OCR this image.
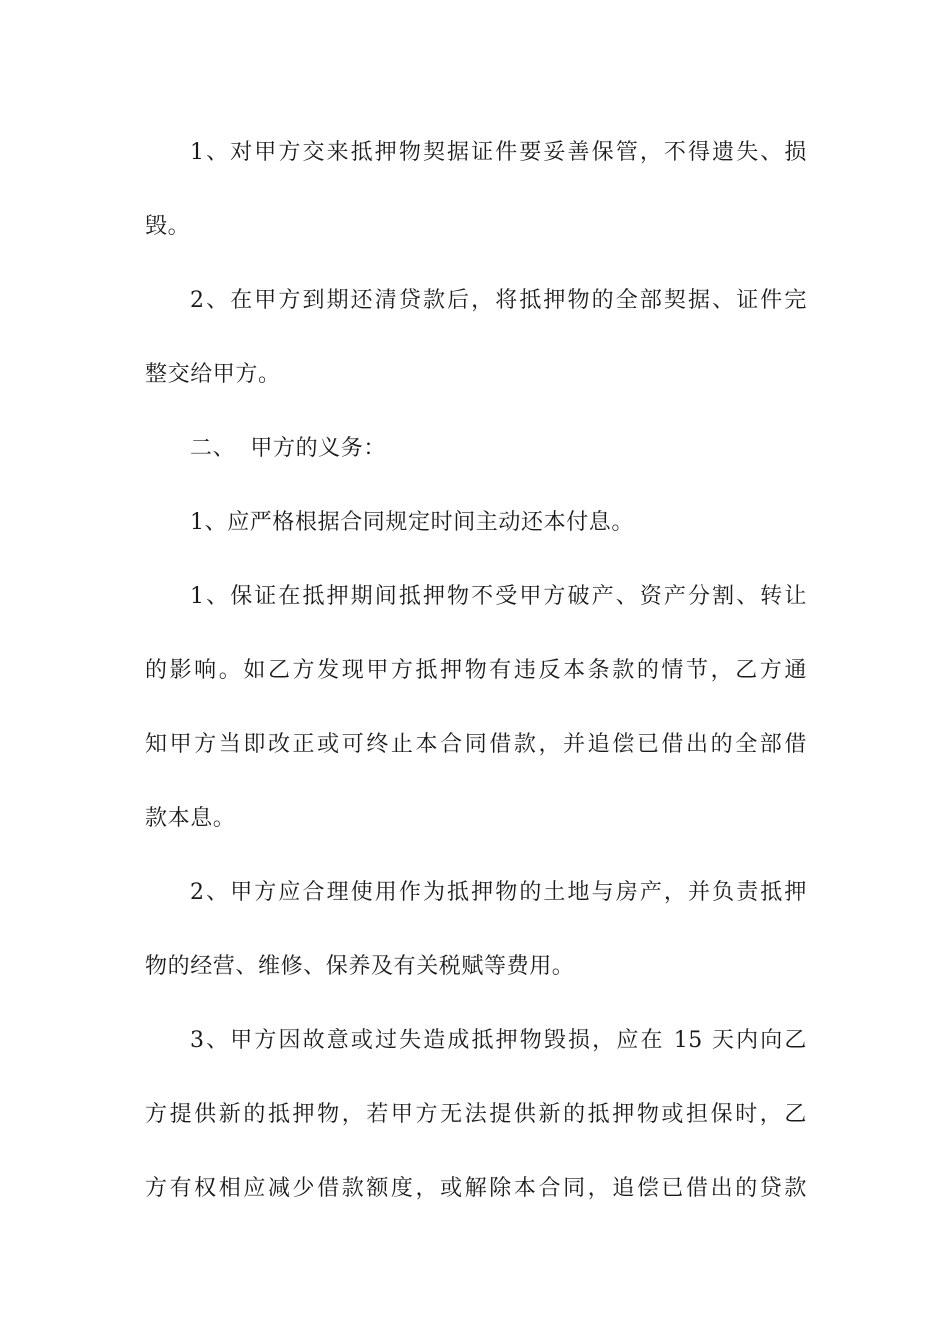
1、对甲方交来抵押物契据证件要妥善保管，不得遗失、损
毁。
2、在甲方到期还清贷款后，将抵押物的全部契据、证件完
整交给甲方。
二、  甲方的义务：
1、应严格根据合同规定时间主动还本付息。
1、保证在抵押期间抵押物不受甲方破产、资产分割、转让
的影响。如乙方发现甲方抵押物有违反本条款的情节，乙方通
知甲方当即改正或可终止本合同借款，并追偿已借出的全部借
款本息。
2、甲方应合理使用作为抵押物的土地与房产，并负责抵押
物的经营、维修、保养及有关税赋等费用。
3、甲方因故意或过失造成抵押物毁损，应在 15 天内向乙
方提供新的抵押物，若甲方无法提供新的抵押物或担保时，乙
方有权相应减少借款额度，或解除本合同，追偿已借出的贷款
